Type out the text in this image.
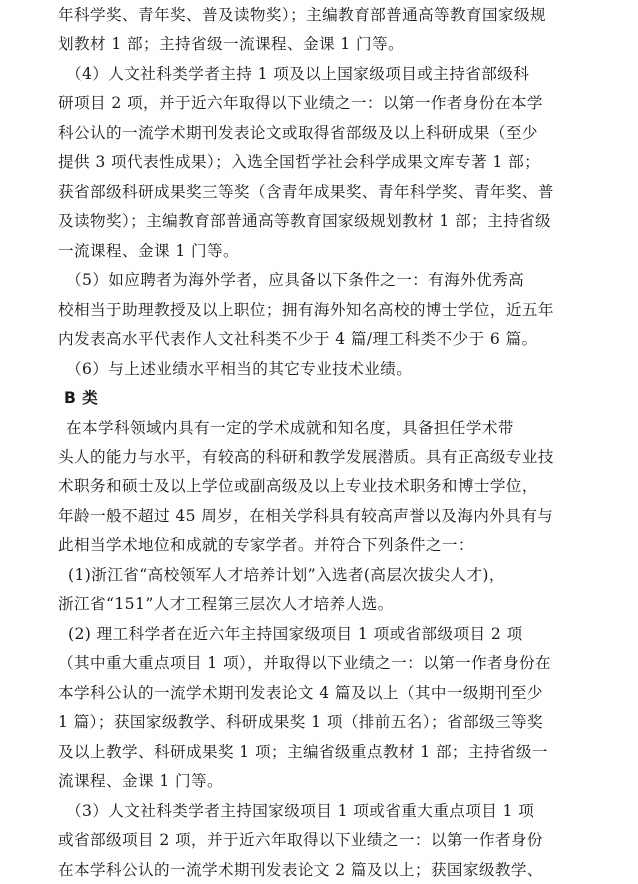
年科学奖、青年奖、普及读物奖）；主编教育部普通高等教育国家级规
划教材 1 部；主持省级一流课程、金课 1 门等。
（4）人文社科类学者主持 1 项及以上国家级项目或主持省部级科
研项目 2 项，并于近六年取得以下业绩之一：以第一作者身份在本学
科公认的一流学术期刊发表论文或取得省部级及以上科研成果（至少
提供 3 项代表性成果）；入选全国哲学社会科学成果文库专著 1 部；
获省部级科研成果奖三等奖（含青年成果奖、青年科学奖、青年奖、普
及读物奖）；主编教育部普通高等教育国家级规划教材 1 部；主持省级
一流课程、金课 1 门等。
（5）如应聘者为海外学者，应具备以下条件之一：有海外优秀高
校相当于助理教授及以上职位；拥有海外知名高校的博士学位，近五年
内发表高水平代表作人文社科类不少于 4 篇/理工科类不少于 6 篇。
（6）与上述业绩水平相当的其它专业技术业绩。
B 类
在本学科领域内具有一定的学术成就和知名度，具备担任学术带
头人的能力与水平，有较高的科研和教学发展潜质。具有正高级专业技
术职务和硕士及以上学位或副高级及以上专业技术职务和博士学位，
年龄一般不超过 45 周岁，在相关学科具有较高声誉以及海内外具有与
此相当学术地位和成就的专家学者。并符合下列条件之一：
(1)浙江省“高校领军人才培养计划”入选者(高层次拔尖人才)，
浙江省“151”人才工程第三层次人才培养人选。
(2) 理工科学者在近六年主持国家级项目 1 项或省部级项目 2 项
（其中重大重点项目 1 项），并取得以下业绩之一：以第一作者身份在
本学科公认的一流学术期刊发表论文 4 篇及以上（其中一级期刊至少
1 篇）；获国家级教学、科研成果奖 1 项（排前五名）；省部级三等奖
及以上教学、科研成果奖 1 项；主编省级重点教材 1 部；主持省级一
流课程、金课 1 门等。
（3）人文社科类学者主持国家级项目 1 项或省重大重点项目 1 项
或省部级项目 2 项，并于近六年取得以下业绩之一：以第一作者身份
在本学科公认的一流学术期刊发表论文 2 篇及以上；获国家级教学、
